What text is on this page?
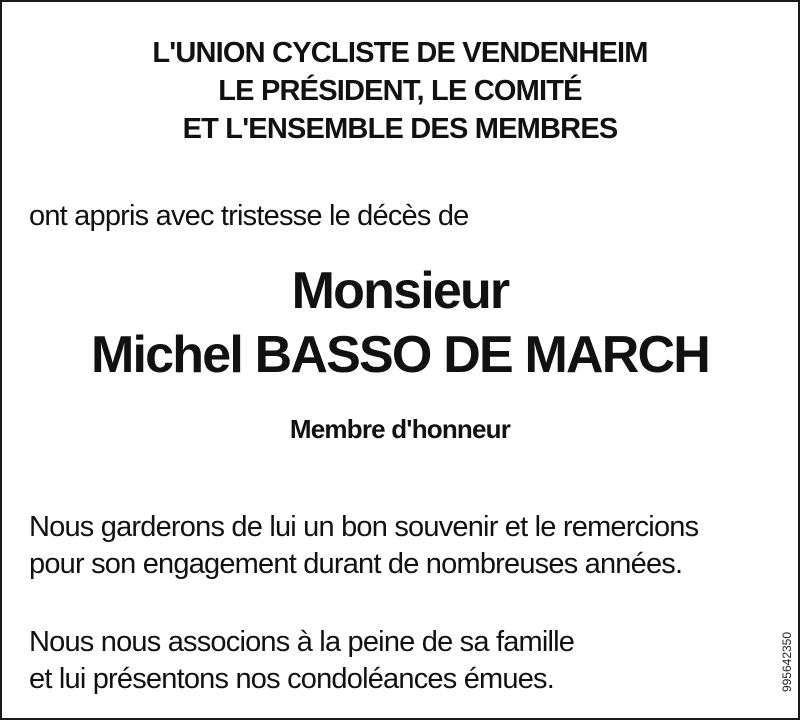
L'UNION CYCLISTE DE VENDENHEIM
LE PRÉSIDENT, LE COMITÉ
ET L'ENSEMBLE DES MEMBRES
ont appris avec tristesse le décès de
Monsieur
Michel BASSO DE MARCH
Membre d'honneur
Nous garderons de lui un bon souvenir et le remercions
pour son engagement durant de nombreuses années.
Nous nous associons à la peine de sa famille
et lui présentons nos condoléances émues.	995642350
